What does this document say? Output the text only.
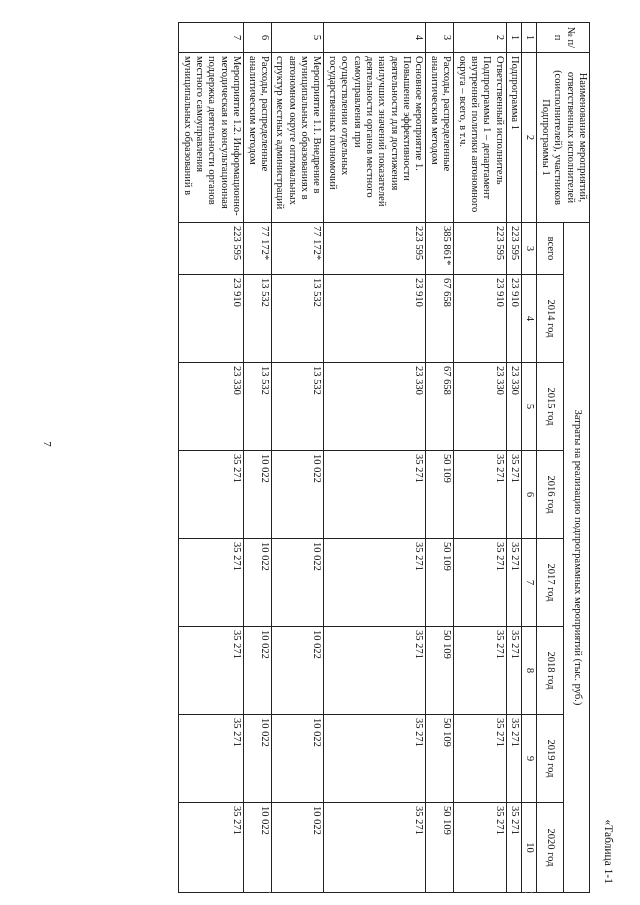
7
«Таблица 1-1
№ п/п	Наименование мероприятий, ответственных исполнителей (соисполнителей), участников Подпрограммы 1	Затраты на реализацию подпрограммных мероприятий (тыс. руб.)							
		всего	2014 год	2015 год	2016 год	2017 год	2018 год	2019 год	2020 год
1	2	3	4	5	6	7	8	9	10
1	Подпрограмма 1	223 595	23 910	23 330	35 271	35 271	35 271	35 271	35 271
2	Ответственный исполнитель Подпрограммы 1 – департамент внутренней политики автономного округа – всего, в т.ч.	223 595	23 910	23 330	35 271	35 271	35 271	35 271	35 271
3	Расходы, распределенные аналитическим методом	385 861*	67 658	67 658	50 109	50 109	50 109	50 109	50 109
4	Основное мероприятие 1. Повышение эффективности деятельности для достижения наилучших значений показателей деятельности органов местного самоуправления при осуществлении отдельных государственных полномочий	223 595	23 910	23 330	35 271	35 271	35 271	35 271	35 271
5	Мероприятие 1.1. Внедрение в муниципальных образованиях в автономном округе оптимальных структур местных администраций	77 172*	13 532	13 532	10 022	10 022	10 022	10 022	10 022
6	Расходы, распределенные аналитическим методом	77 172*	13 532	13 532	10 022	10 022	10 022	10 022	10 022
7	Мероприятие 1.2. Информационно-методическая и консультационная поддержка деятельности органов местного самоуправления муниципальных образований в	223 595	23 910	23 330	35 271	35 271	35 271	35 271	35 271
·	· ·
